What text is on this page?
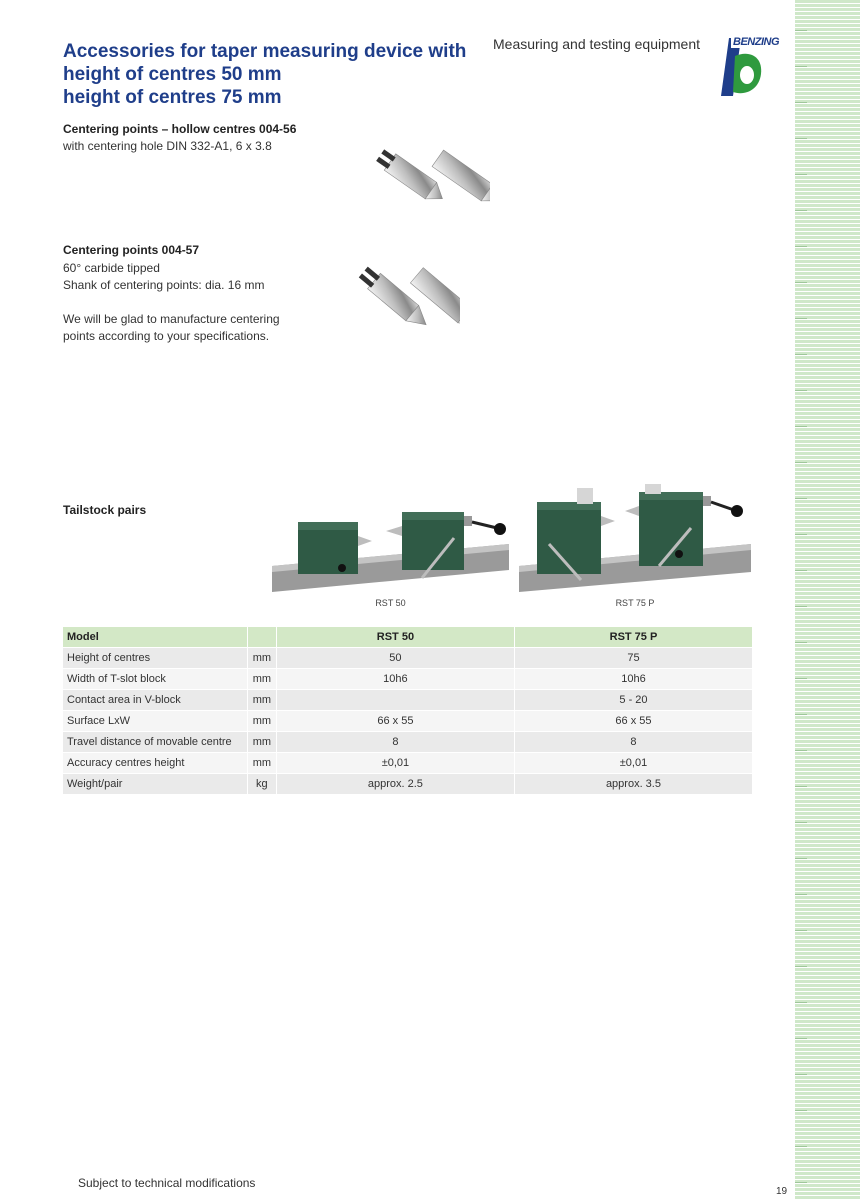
Accessories for taper measuring device with
height of centres 50 mm
height of centres 75 mm
Measuring and testing equipment	BENZING
Centering points – hollow centres 004-56
with centering hole DIN 332-A1, 6 x 3.8
Centering points 004-57
60° carbide tipped
Shank of centering points: dia. 16 mm
We will be glad to manufacture centering
points according to your specifications.
Tailstock pairs
RST 50	RST 75 P
Model		RST 50	RST 75 P
Height of centres	mm	50	75
Width of T-slot block	mm	10h6	10h6
Contact area in V-block	mm		5 - 20
Surface LxW	mm	66 x 55	66 x 55
Travel distance of movable centre	mm	8	8
Accuracy centres height	mm	±0,01	±0,01
Weight/pair	kg	approx. 2.5	approx. 3.5
Subject to technical modifications
19
